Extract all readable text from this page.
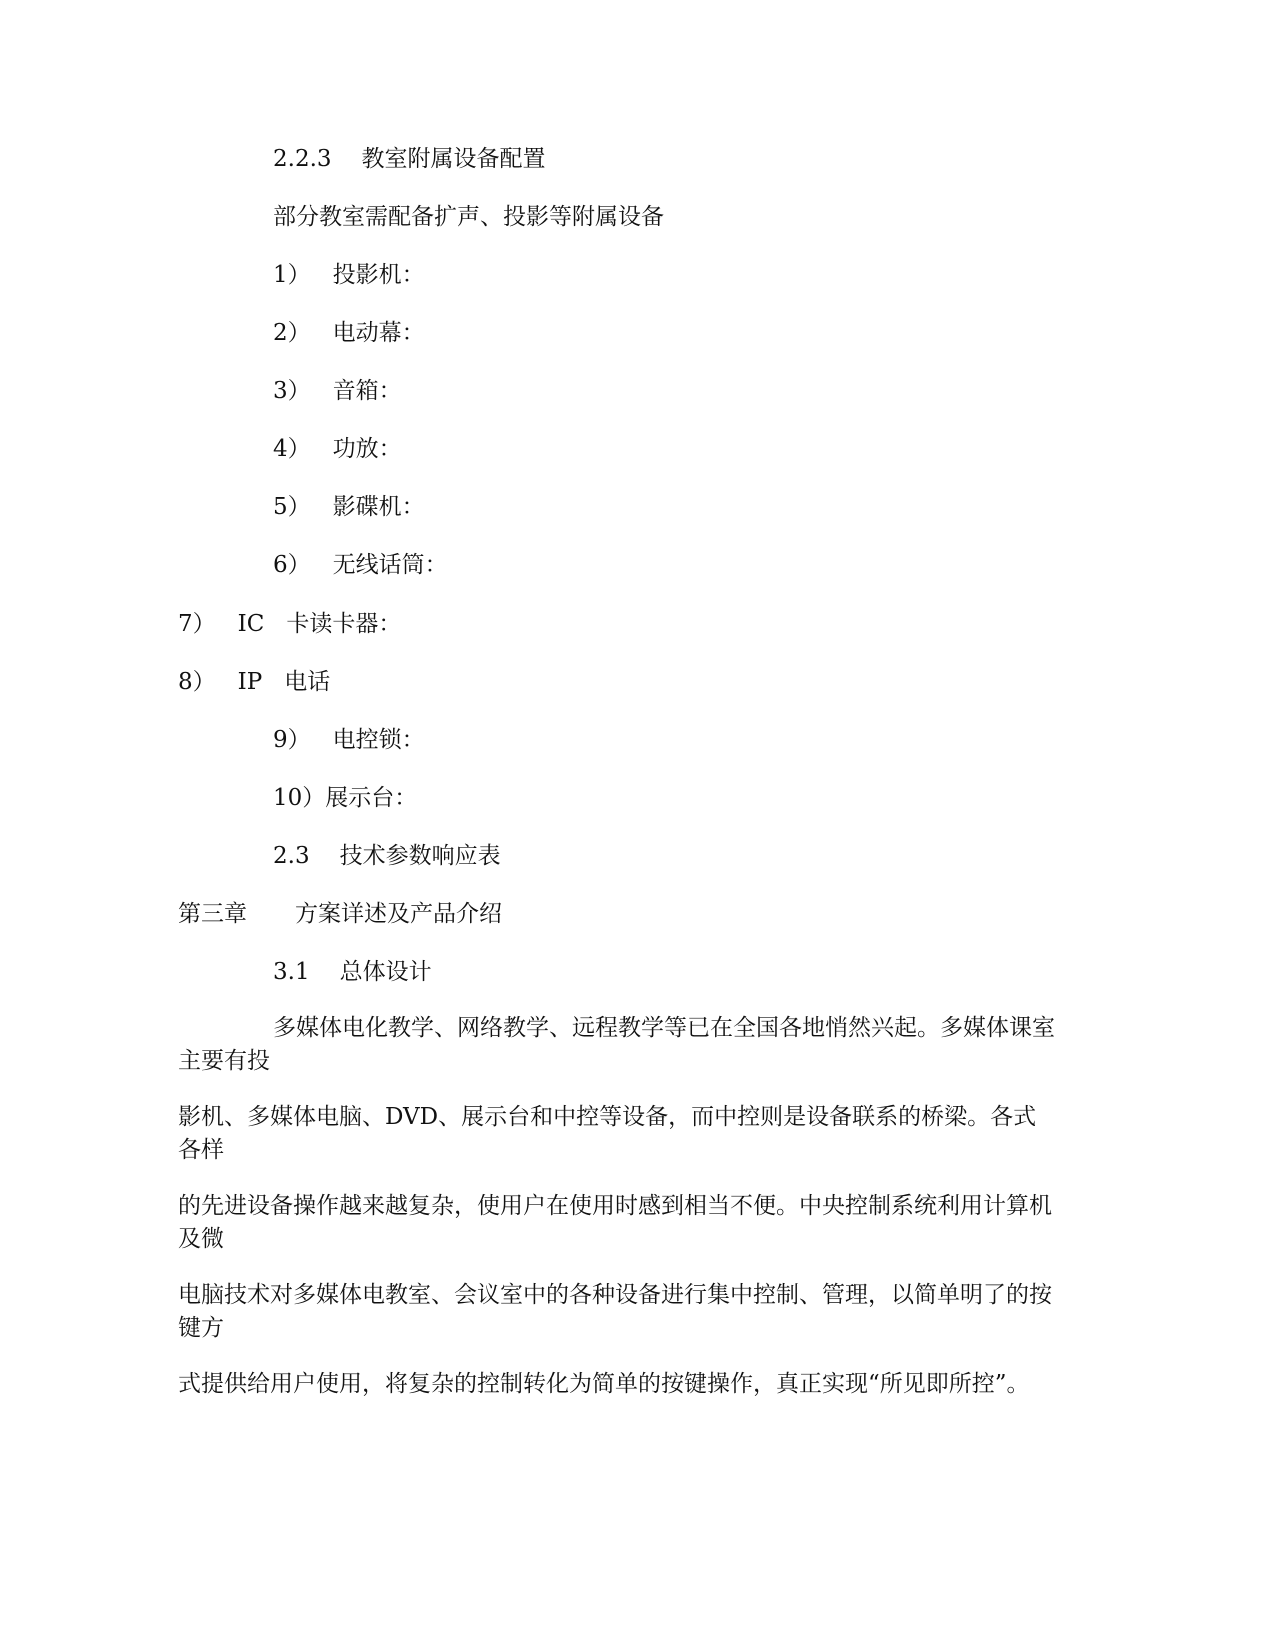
2.2.3 教室附属设备配置

部分教室需配备扩声、投影等附属设备

1） 投影机：

2） 电动幕：

3） 音箱：

4） 功放：

5） 影碟机：

6） 无线话筒：

7） IC 卡读卡器：

8） IP 电话

9） 电控锁：

10）展示台：

2.3 技术参数响应表

第三章 方案详述及产品介绍

3.1 总体设计

多媒体电化教学、网络教学、远程教学等已在全国各地悄然兴起。多媒体课室主要有投

影机、多媒体电脑、DVD、展示台和中控等设备，而中控则是设备联系的桥梁。各式各样

的先进设备操作越来越复杂，使用户在使用时感到相当不便。中央控制系统利用计算机及微

电脑技术对多媒体电教室、会议室中的各种设备进行集中控制、管理，以简单明了的按键方

式提供给用户使用，将复杂的控制转化为简单的按键操作，真正实现“所见即所控”。
